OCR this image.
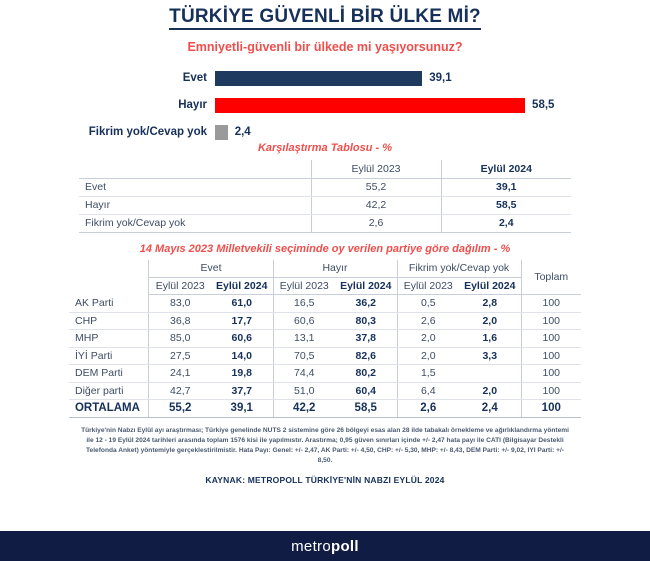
TÜRKİYE GÜVENLİ BİR ÜLKE Mİ?
Emniyetli-güvenli bir ülkede mi yaşıyorsunuz?
Evet	39,1
Hayır	58,5
Fikrim yok/Cevap yok	2,4
Karşılaştırma Tablosu - %
	Eylül 2023	Eylül 2024
Evet	55,2	39,1
Hayır	42,2	58,5
Fikrim yok/Cevap yok	2,6	2,4
14 Mayıs 2023 Milletvekili seçiminde oy verilen partiye göre dağılım - %
	Evet		Hayır		Fikrim yok/Cevap yok		Toplam
	Eylül 2023	Eylül 2024	Eylül 2023	Eylül 2024	Eylül 2023	Eylül 2024	
AK Parti	83,0	61,0	16,5	36,2	0,5	2,8	100
CHP	36,8	17,7	60,6	80,3	2,6	2,0	100
MHP	85,0	60,6	13,1	37,8	2,0	1,6	100
İYİ Parti	27,5	14,0	70,5	82,6	2,0	3,3	100
DEM Parti	24,1	19,8	74,4	80,2	1,5		100
Diğer parti	42,7	37,7	51,0	60,4	6,4	2,0	100
ORTALAMA	55,2	39,1	42,2	58,5	2,6	2,4	100
Türkiye'nin Nabzı Eylül ayı araştırması; Türkiye genelinde NUTS 2 sistemine göre 26 bölgeyi esas alan 28 ilde tabakalı örnekleme ve ağırlıklandırma yöntemi ile 12 - 19 Eylül 2024 tarihleri arasında toplam 1576 kisi ile yapılmıstır. Arastırma; 0,95 güven sınırları içinde +/- 2,47 hata payı ile CATI (Bilgisayar Destekli Telefonda Anket) yöntemiyle gerçeklestirilmistir. Hata Payı: Genel: +/- 2,47, AK Parti: +/- 4,50, CHP: +/- 5,30, MHP: +/- 8,43, DEM Parti: +/- 9,02, IYI Parti: +/- 8,50.
KAYNAK: METROPOLL TÜRKİYE'NİN NABZI EYLÜL 2024
metropoll
